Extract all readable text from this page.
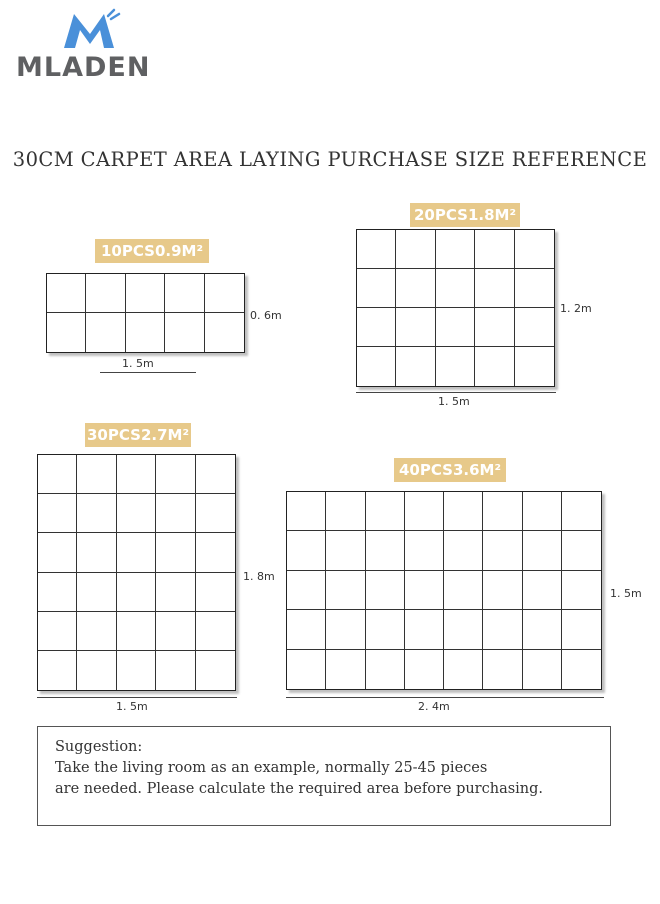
MLADEN
30CM CARPET AREA LAYING PURCHASE SIZE REFERENCE
10PCS0.9M²
0. 6m
1. 5m
20PCS1.8M²
1. 2m
1. 5m
30PCS2.7M²
1. 8m
1. 5m
40PCS3.6M²
1. 5m
2. 4m
Suggestion:
Take the living room as an example, normally 25-45 pieces
are needed. Please calculate the required area before purchasing.
